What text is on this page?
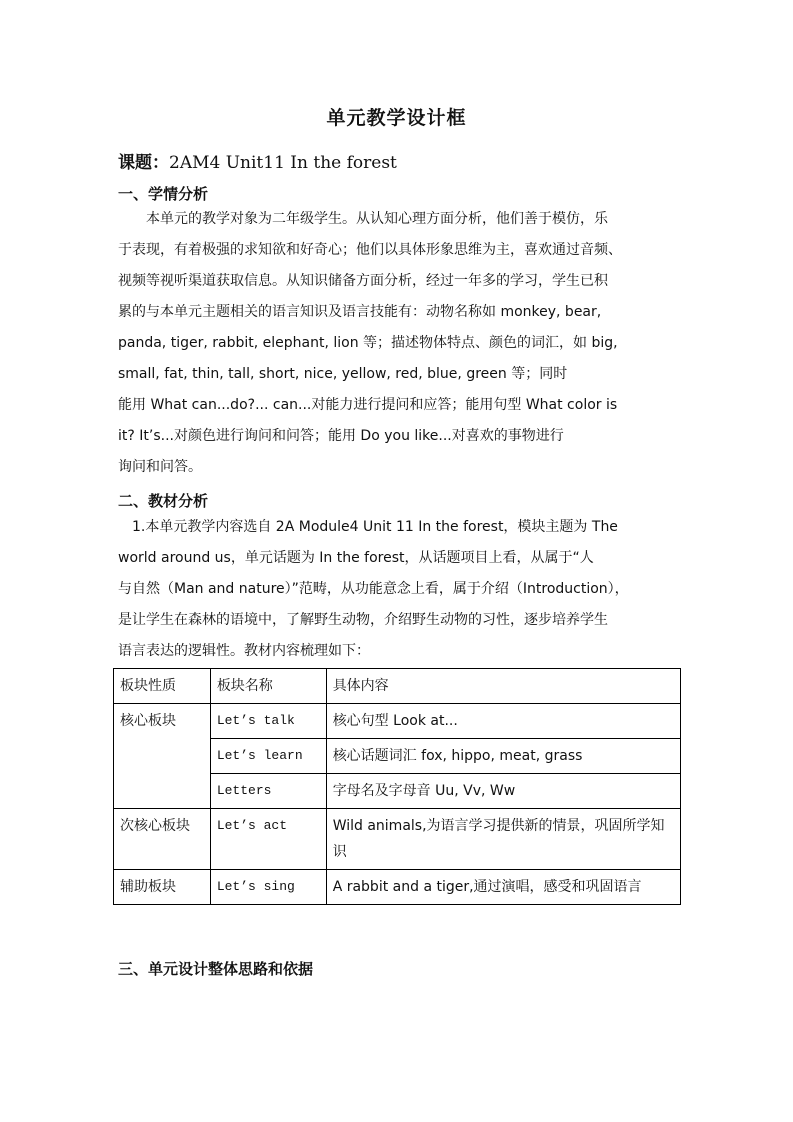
单元教学设计框
课题：2AM4 Unit11 In the forest
一、学情分析
　　本单元的教学对象为二年级学生。从认知心理方面分析，他们善于模仿，乐
于表现，有着极强的求知欲和好奇心；他们以具体形象思维为主，喜欢通过音频、
视频等视听渠道获取信息。从知识储备方面分析，经过一年多的学习，学生已积
累的与本单元主题相关的语言知识及语言技能有：动物名称如 monkey, bear,
panda, tiger, rabbit, elephant, lion 等；描述物体特点、颜色的词汇，如 big,
small, fat, thin, tall, short, nice, yellow, red, blue, green 等；同时
能用 What can...do?... can...对能力进行提问和应答；能用句型 What color is
it? It’s...对颜色进行询问和问答；能用 Do you like...对喜欢的事物进行
询问和问答。
二、教材分析
　1.本单元教学内容选自 2A Module4 Unit 11 In the forest，模块主题为 The
world around us，单元话题为 In the forest，从话题项目上看，从属于“人
与自然（Man and nature）”范畴，从功能意念上看，属于介绍（Introduction），
是让学生在森林的语境中，了解野生动物，介绍野生动物的习性，逐步培养学生
语言表达的逻辑性。教材内容梳理如下：
板块性质	板块名称	具体内容
核心板块	Let’s talk	核心句型 Look at...
	Let’s learn	核心话题词汇 fox, hippo, meat, grass
	Letters	字母名及字母音 Uu, Vv, Ww
次核心板块	Let’s act	Wild animals,为语言学习提供新的情景，巩固所学知识
辅助板块	Let’s sing	A rabbit and a tiger,通过演唱，感受和巩固语言
三、单元设计整体思路和依据
